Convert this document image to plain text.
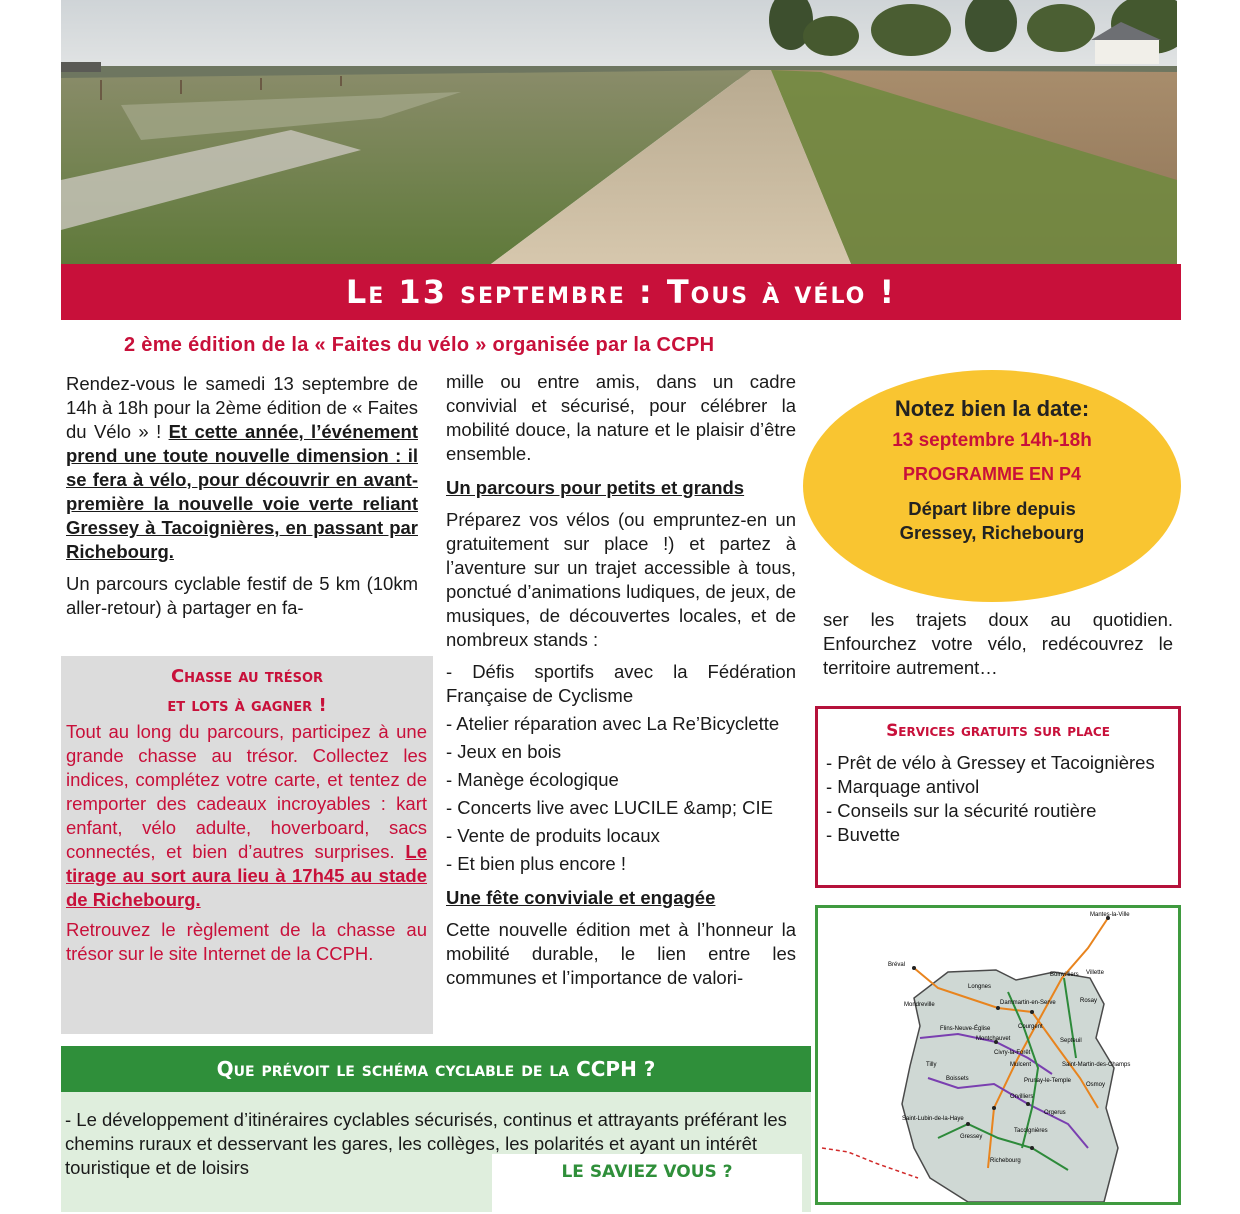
Le 13 septembre : Tous à vélo !
2 ème édition de la « Faites du vélo » organisée par la CCPH

Rendez-vous le samedi 13 septembre de 14h à 18h pour la 2ème édition de « Faites du Vélo » ! Et cette année, l’événement prend une toute nouvelle dimension : il se fera à vélo, pour découvrir en avant-première la nouvelle voie verte reliant Gressey à Tacoignières, en passant par Richebourg.

Un parcours cyclable festif de 5 km (10km aller-retour) à partager en fa-

Chasse au trésor
et lots à gagner !

Tout au long du parcours, participez à une grande chasse au trésor. Collectez les indices, complétez votre carte, et tentez de remporter des cadeaux incroyables : kart enfant, vélo adulte, hoverboard, sacs connectés, et bien d’autres surprises. Le tirage au sort aura lieu à 17h45 au stade de Richebourg.

Retrouvez le règlement de la chasse au trésor sur le site Internet de la CCPH.

mille ou entre amis, dans un cadre convivial et sécurisé, pour célébrer la mobilité douce, la nature et le plaisir d’être ensemble.

Un parcours pour petits et grands

Préparez vos vélos (ou empruntez-en un gratuitement sur place !) et partez à l’aventure sur un trajet accessible à tous, ponctué d’animations ludiques, de jeux, de musiques, de découvertes locales, et de nombreux stands :

- Défis sportifs avec la Fédération Française de Cyclisme
- Atelier réparation avec La Re’Bicyclette
- Jeux en bois
- Manège écologique
- Concerts live avec LUCILE &amp; CIE
- Vente de produits locaux
- Et bien plus encore !
Une fête conviviale et engagée

Cette nouvelle édition met à l’honneur la mobilité durable, le lien entre les communes et l’importance de valori-

Notez bien la date:
13 septembre 14h-18h
PROGRAMME EN P4
Départ libre depuis
Gressey, Richebourg

ser les trajets doux au quotidien. Enfourchez votre vélo, redécouvrez le territoire autrement…

Services gratuits sur place
- Prêt de vélo à Gressey et Tacoignières
- Marquage antivol
- Conseils sur la sécurité routière
- Buvette
Mantes-la-Ville
Bréval
Longnes
Boinvilliers Villette
Mondreville	Dammartin-en-Serve	Rosay
Flins-Neuve-Église	Courgent
Montchauvet	Septeuil
Tilly	Mulcent	Saint-Martin-des-Champs
Civry-la-Forêt
Boissets	Prunay-le-Temple
Osmoy
Orvilliers
Orgerus
Gressey
Tacoignières
Saint-Lubin-de-la-Haye
Richebourg
Que prévoit le schéma cyclable de la CCPH ?
- Le développement d’itinéraires cyclables sécurisés, continus et attrayants préférant les chemins ruraux et desservant les gares, les collèges, les polarités et ayant un intérêt touristique et de loisirs	LE SAVIEZ VOUS ?
